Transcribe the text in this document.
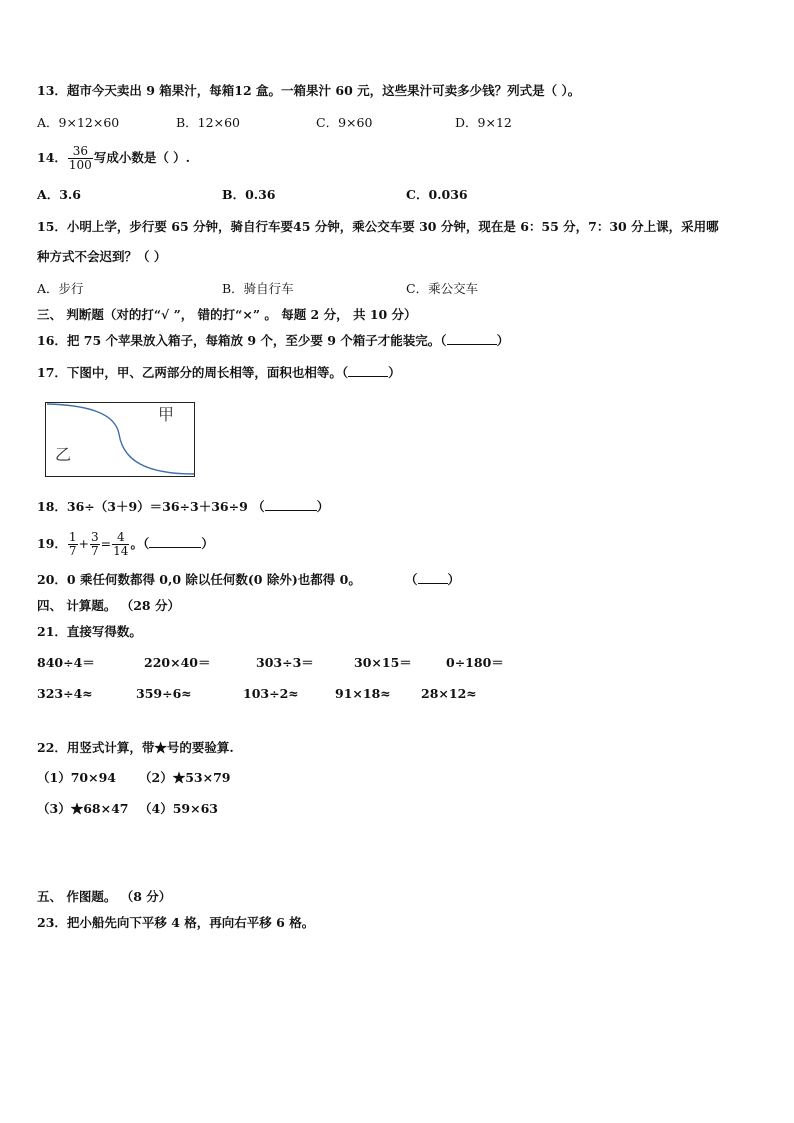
13．超市今天卖出 9 箱果汁，每箱12 盒。一箱果汁 60 元，这些果汁可卖多少钱？列式是（ ）。
A．9×12×60	B．12×60	C．9×60	D．9×12
14． $\frac{36}{100}$ 写成小数是（ ）.
A．3.6	B．0.36	C．0.036
15．小明上学，步行要 65 分钟，骑自行车要45 分钟，乘公交车要 30 分钟，现在是 6：55 分，7：30 分上课，采用哪
种方式不会迟到？（ ）
A．步行	B．骑自行车	C．乘公交车
三、 判断题（对的打“√ ”， 错的打“×” 。 每题 2 分， 共 10 分）
16．把 75 个苹果放入箱子，每箱放 9 个，至少要 9 个箱子才能装完。（	）
17．下图中，甲、乙两部分的周长相等，面积也相等。（	）
甲
乙
18．36÷（3＋9）＝36÷3＋36÷9 （	）
19． $\frac{1}{7} + \frac{3}{7} = \frac{4}{14}$ 。（	）
20．0 乘任何数都得 0,0 除以任何数(0 除外)也都得 0。	（ ）
四、 计算题。 （28 分）
21．直接写得数。
840÷4＝	220×40＝	303÷3＝	30×15＝	0÷180＝
323÷4≈	359÷6≈	103÷2≈	91×18≈ 28×12≈
22．用竖式计算，带★号的要验算.
（1）70×94 （2）★53×79
（3）★68×47 （4）59×63
五、 作图题。 （8 分）
23．把小船先向下平移 4 格，再向右平移 6 格。
